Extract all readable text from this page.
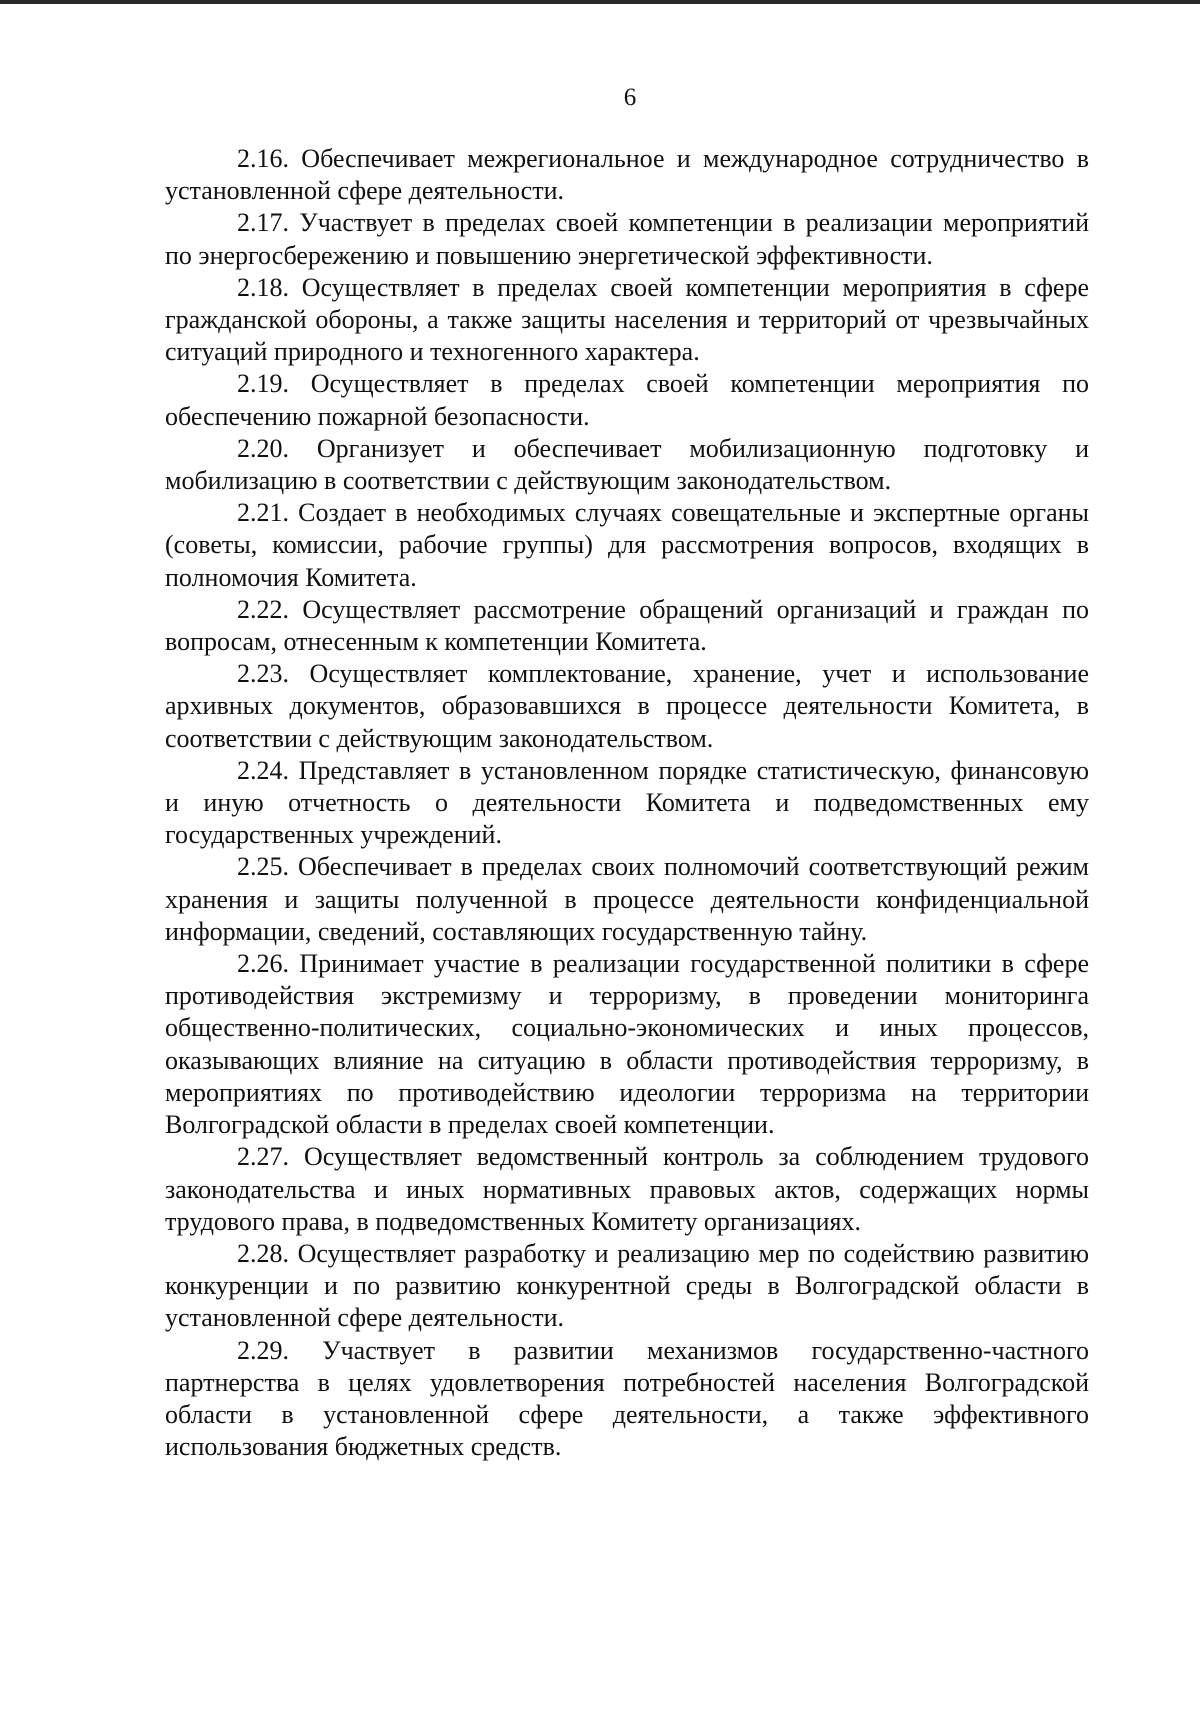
6

2.16. Обеспечивает межрегиональное и международное сотрудничество в установленной сфере деятельности.

2.17. Участвует в пределах своей компетенции в реализации мероприятий по энергосбережению и повышению энергетической эффективности.

2.18. Осуществляет в пределах своей компетенции мероприятия в сфере гражданской обороны, а также защиты населения и территорий от чрезвычайных ситуаций природного и техногенного характера.

2.19. Осуществляет в пределах своей компетенции мероприятия по обеспечению пожарной безопасности.

2.20. Организует и обеспечивает мобилизационную подготовку и мобилизацию в соответствии с действующим законодательством.

2.21. Создает в необходимых случаях совещательные и экспертные органы (советы, комиссии, рабочие группы) для рассмотрения вопросов, входящих в полномочия Комитета.

2.22. Осуществляет рассмотрение обращений организаций и граждан по вопросам, отнесенным к компетенции Комитета.

2.23. Осуществляет комплектование, хранение, учет и использование архивных документов, образовавшихся в процессе деятельности Комитета, в соответствии с действующим законодательством.

2.24. Представляет в установленном порядке статистическую, финансовую и иную отчетность о деятельности Комитета и подведомственных ему государственных учреждений.

2.25. Обеспечивает в пределах своих полномочий соответствующий режим хранения и защиты полученной в процессе деятельности конфиденциальной информации, сведений, составляющих государственную тайну.

2.26. Принимает участие в реализации государственной политики в сфере противодействия экстремизму и терроризму, в проведении мониторинга общественно-политических, социально-экономических и иных процессов, оказывающих влияние на ситуацию в области противодействия терроризму, в мероприятиях по противодействию идеологии терроризма на территории Волгоградской области в пределах своей компетенции.

2.27. Осуществляет ведомственный контроль за соблюдением трудового законодательства и иных нормативных правовых актов, содержащих нормы трудового права, в подведомственных Комитету организациях.

2.28. Осуществляет разработку и реализацию мер по содействию развитию конкуренции и по развитию конкурентной среды в Волгоградской области в установленной сфере деятельности.

2.29. Участвует в развитии механизмов государственно-частного партнерства в целях удовлетворения потребностей населения Волгоградской области в установленной сфере деятельности, а также эффективного использования бюджетных средств.
